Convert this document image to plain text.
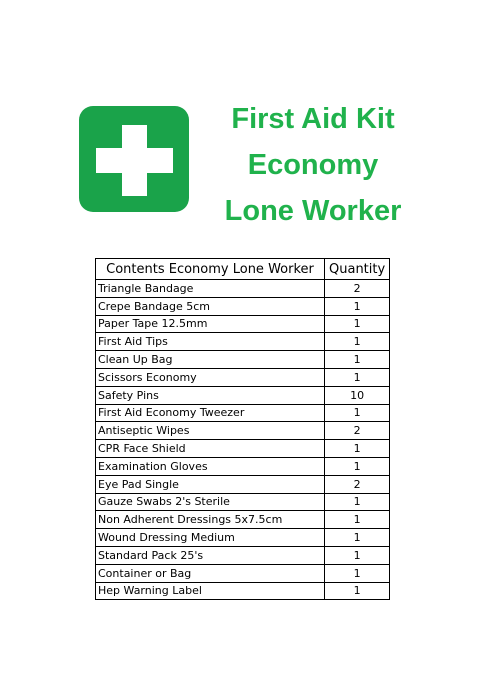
First Aid Kit
Economy
Lone Worker
Contents Economy Lone Worker	Quantity
Triangle Bandage	2
Crepe Bandage 5cm	1
Paper Tape 12.5mm	1
First Aid Tips	1
Clean Up Bag	1
Scissors Economy	1
Safety Pins	10
First Aid Economy Tweezer	1
Antiseptic Wipes	2
CPR Face Shield	1
Examination Gloves	1
Eye Pad Single	2
Gauze Swabs 2's Sterile	1
Non Adherent Dressings 5x7.5cm	1
Wound Dressing Medium	1
Standard Pack 25's	1
Container or Bag	1
Hep Warning Label	1
